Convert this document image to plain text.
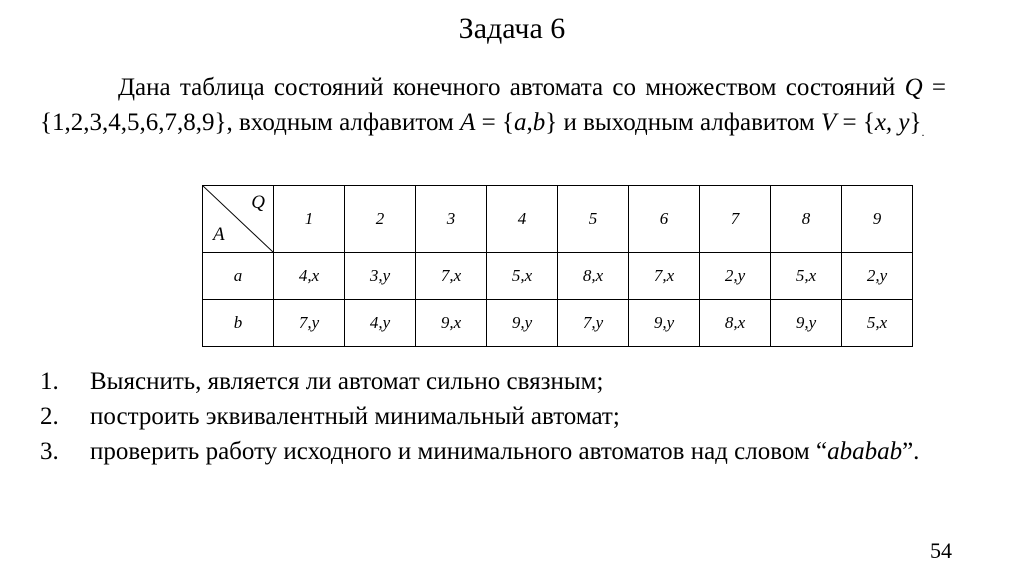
Задача 6
Дана таблица состояний конечного автомата со множеством состояний Q = {1,2,3,4,5,6,7,8,9}, входным алфавитом A = {a,b} и выходным алфавитом V = {x, $y\}_.$
Q
A	1	2	3	4	5	6	7	8	9
a	4,x	3,y	7,x	5,x	8,x	7,x	2,y	5,x	2,y
b	7,y	4,y	9,x	9,y	7,y	9,y	8,x	9,y	5,x
1. Выяснить, является ли автомат сильно связным;
2. построить эквивалентный минимальный автомат;
3. проверить работу исходного и минимального автоматов над словом “ababab”.
54
